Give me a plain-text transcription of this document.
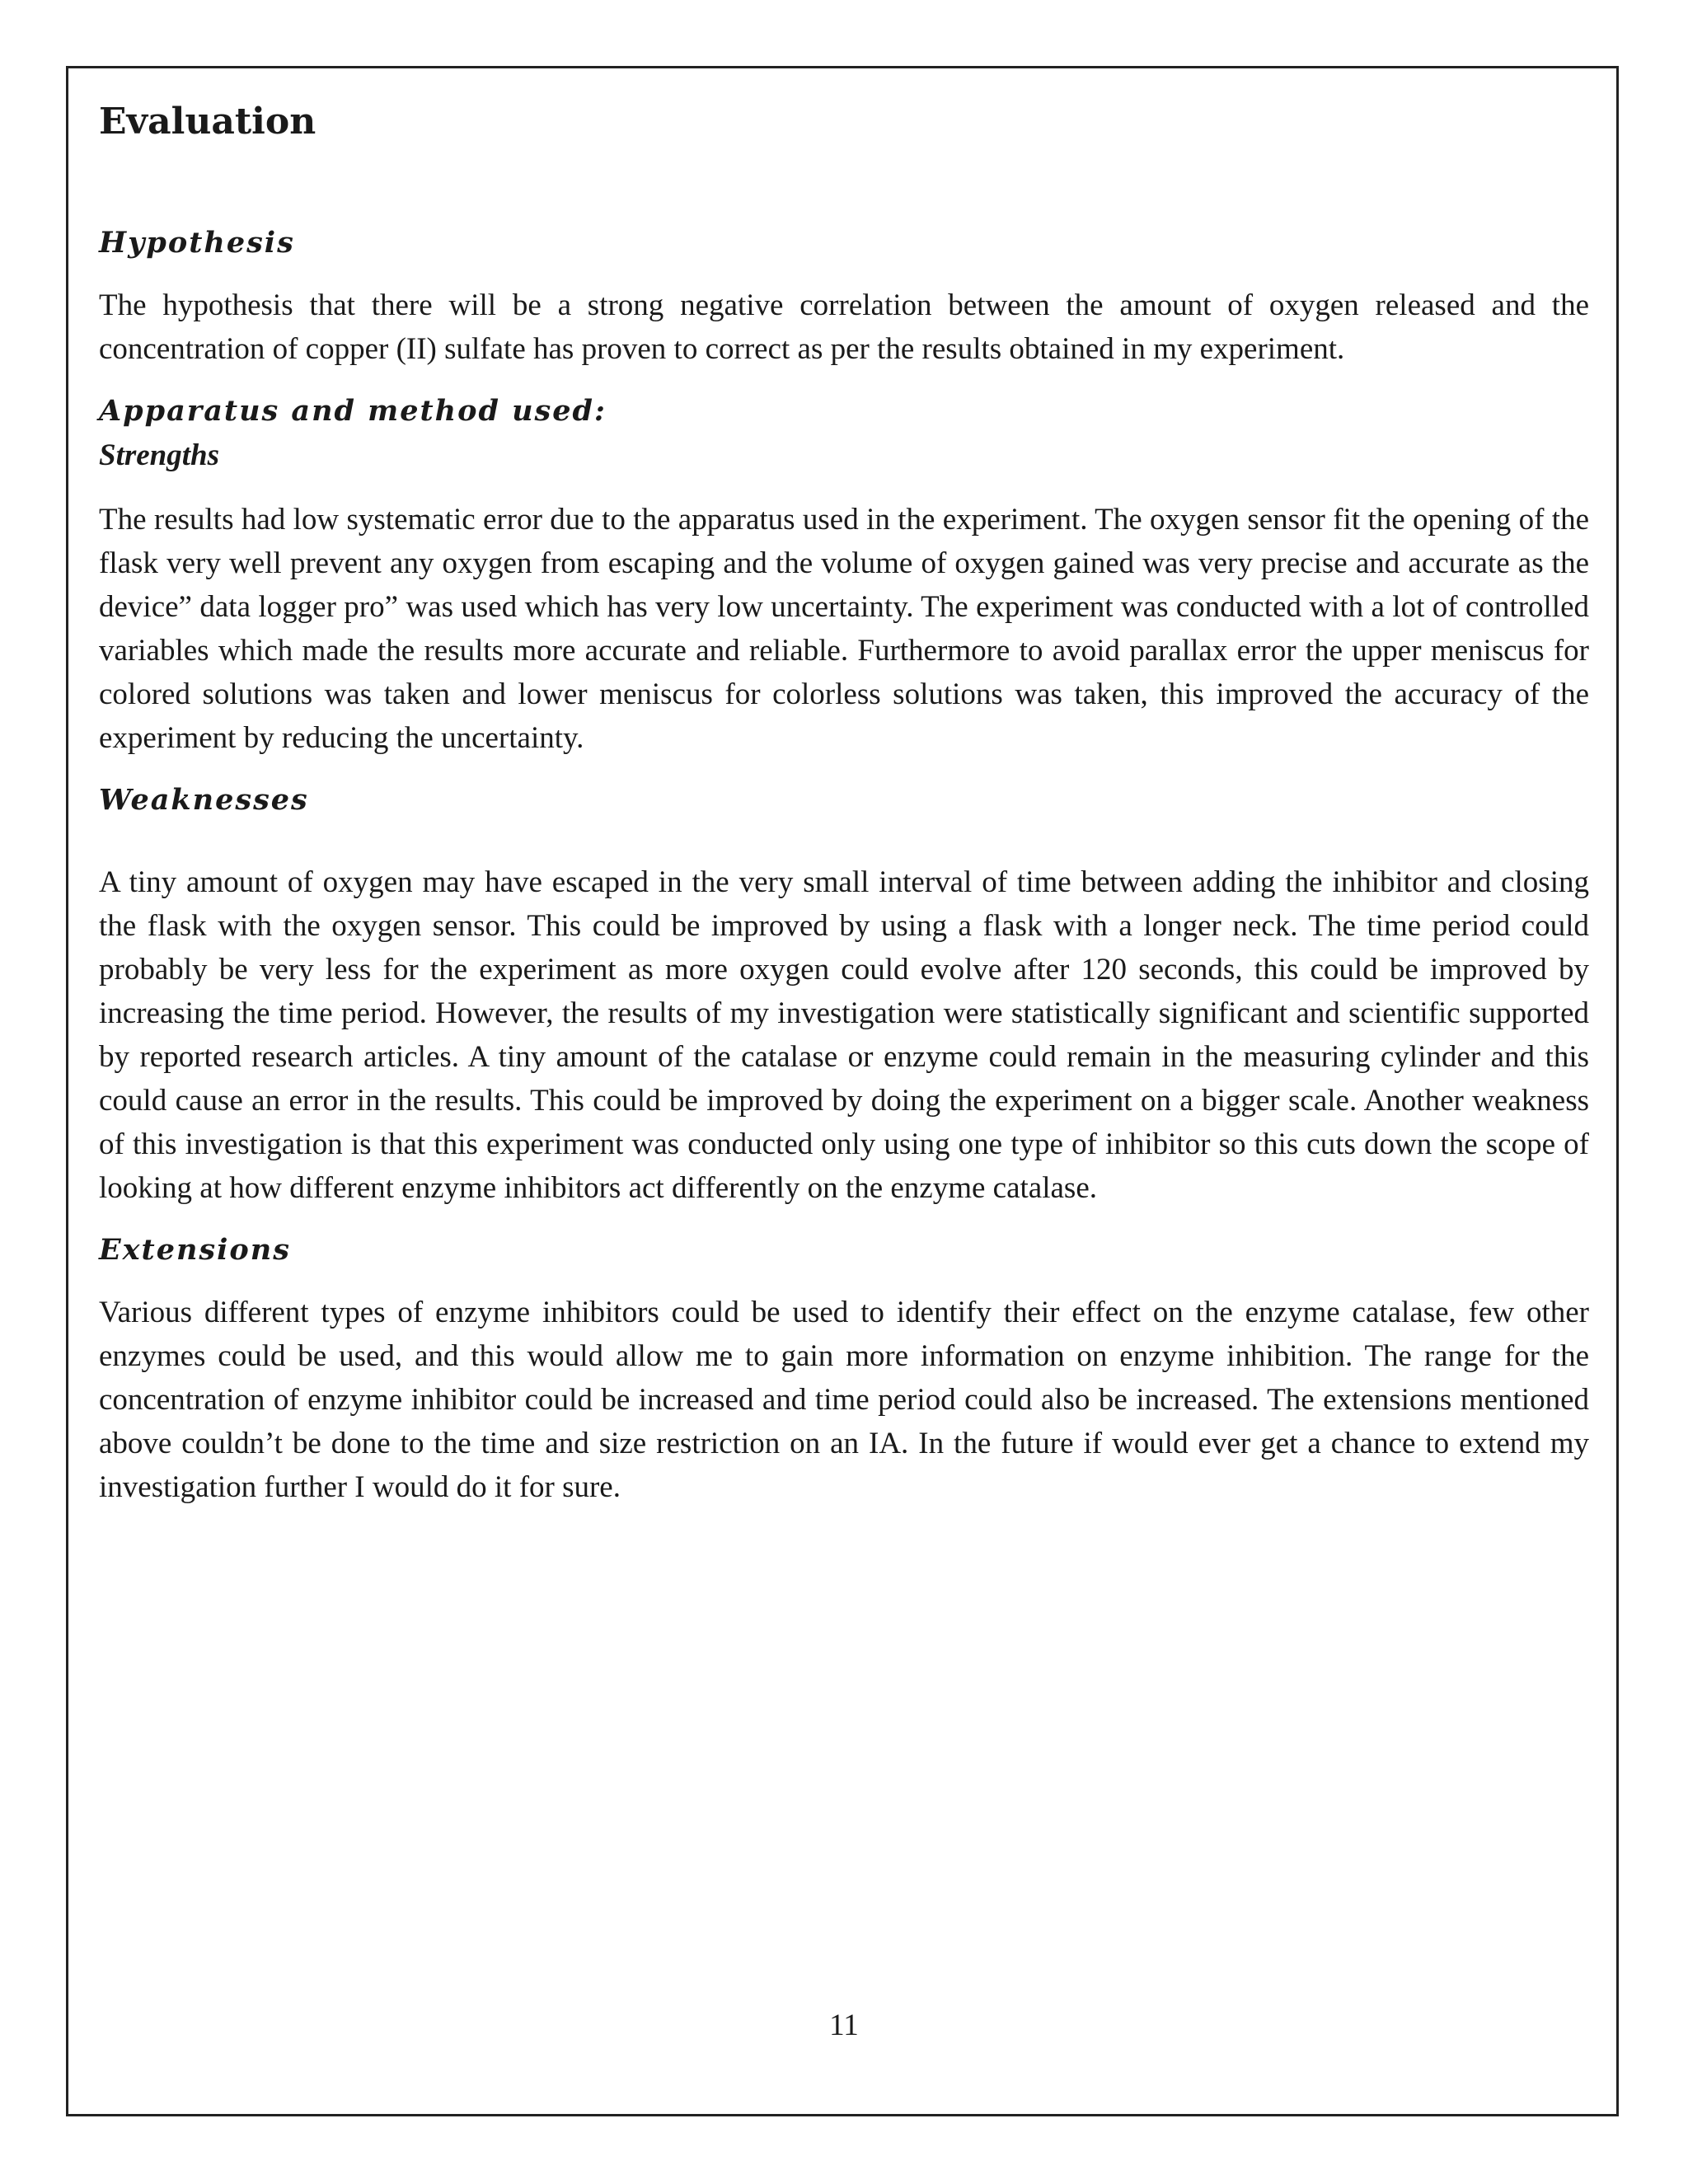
Evaluation
Hypothesis

The hypothesis that there will be a strong negative correlation between the amount of oxygen released and the concentration of copper (II) sulfate has proven to correct as per the results obtained in my experiment.

Apparatus and method used:
Strengths

The results had low systematic error due to the apparatus used in the experiment. The oxygen sensor fit the opening of the flask very well prevent any oxygen from escaping and the volume of oxygen gained was very precise and accurate as the device” data logger pro” was used which has very low uncertainty. The experiment was conducted with a lot of controlled variables which made the results more accurate and reliable. Furthermore to avoid parallax error the upper meniscus for colored solutions was taken and lower meniscus for colorless solutions was taken, this improved the accuracy of the experiment by reducing the uncertainty.

Weaknesses

A tiny amount of oxygen may have escaped in the very small interval of time between adding the inhibitor and closing the flask with the oxygen sensor. This could be improved by using a flask with a longer neck. The time period could probably be very less for the experiment as more oxygen could evolve after 120 seconds, this could be improved by increasing the time period. However, the results of my investigation were statistically significant and scientific supported by reported research articles. A tiny amount of the catalase or enzyme could remain in the measuring cylinder and this could cause an error in the results. This could be improved by doing the experiment on a bigger scale. Another weakness of this investigation is that this experiment was conducted only using one type of inhibitor so this cuts down the scope of looking at how different enzyme inhibitors act differently on the enzyme catalase.

Extensions

Various different types of enzyme inhibitors could be used to identify their effect on the enzyme catalase, few other enzymes could be used, and this would allow me to gain more information on enzyme inhibition. The range for the concentration of enzyme inhibitor could be increased and time period could also be increased. The extensions mentioned above couldn’t be done to the time and size restriction on an IA. In the future if would ever get a chance to extend my investigation further I would do it for sure.

11
